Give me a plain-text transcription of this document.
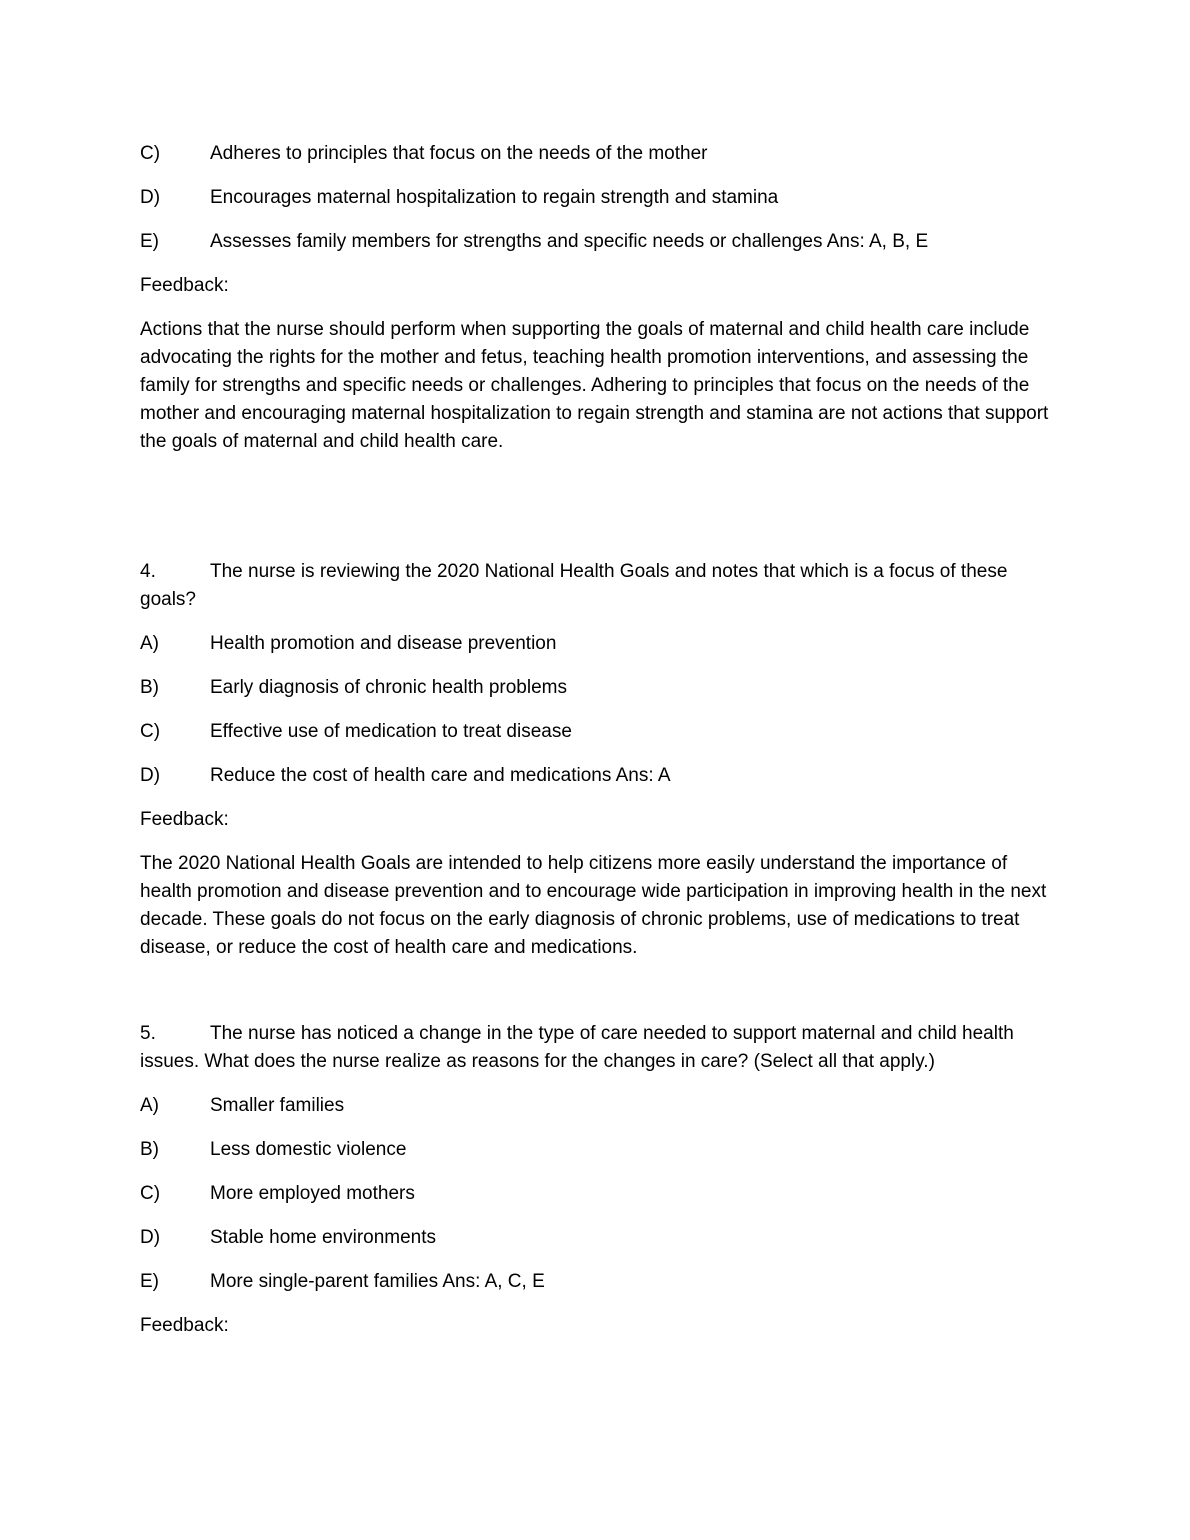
C)	Adheres to principles that focus on the needs of the mother
D)	Encourages maternal hospitalization to regain strength and stamina
E)	Assesses family members for strengths and specific needs or challenges Ans: A, B, E
Feedback:

Actions that the nurse should perform when supporting the goals of maternal and child health care include advocating the rights for the mother and fetus, teaching health promotion interventions, and assessing the family for strengths and specific needs or challenges. Adhering to principles that focus on the needs of the mother and encouraging maternal hospitalization to regain strength and stamina are not actions that support the goals of maternal and child health care.

4.	The nurse is reviewing the 2020 National Health Goals and notes that which is a focus of these goals?
A)	Health promotion and disease prevention
B)	Early diagnosis of chronic health problems
C)	Effective use of medication to treat disease
D)	Reduce the cost of health care and medications Ans: A
Feedback:

The 2020 National Health Goals are intended to help citizens more easily understand the importance of health promotion and disease prevention and to encourage wide participation in improving health in the next decade. These goals do not focus on the early diagnosis of chronic problems, use of medications to treat disease, or reduce the cost of health care and medications.

5.	The nurse has noticed a change in the type of care needed to support maternal and child health issues. What does the nurse realize as reasons for the changes in care? (Select all that apply.)
A)	Smaller families
B)	Less domestic violence
C)	More employed mothers
D)	Stable home environments
E)	More single-parent families Ans: A, C, E
Feedback:
